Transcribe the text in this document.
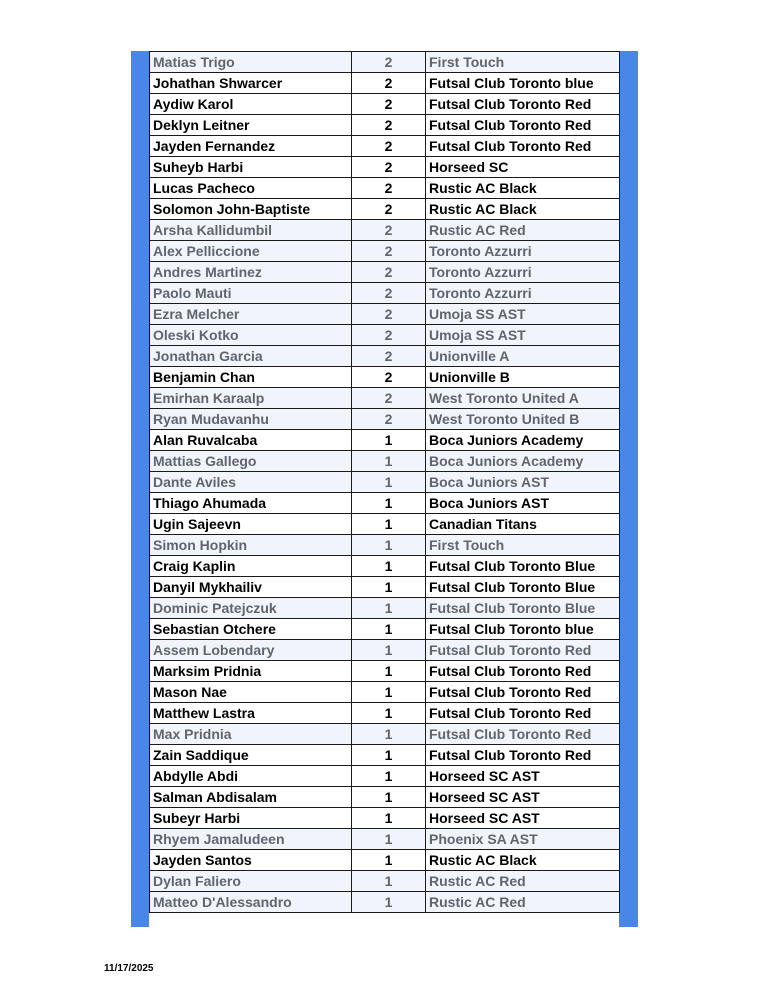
Matias Trigo	2	First Touch
Johathan Shwarcer	2	Futsal Club Toronto blue
Aydiw Karol	2	Futsal Club Toronto Red
Deklyn Leitner	2	Futsal Club Toronto Red
Jayden Fernandez	2	Futsal Club Toronto Red
Suheyb Harbi	2	Horseed SC
Lucas Pacheco	2	Rustic AC Black
Solomon John-Baptiste	2	Rustic AC Black
Arsha Kallidumbil	2	Rustic AC Red
Alex Pelliccione	2	Toronto Azzurri
Andres Martinez	2	Toronto Azzurri
Paolo Mauti	2	Toronto Azzurri
Ezra Melcher	2	Umoja SS AST
Oleski Kotko	2	Umoja SS AST
Jonathan Garcia	2	Unionville A
Benjamin Chan	2	Unionville B
Emirhan Karaalp	2	West Toronto United A
Ryan Mudavanhu	2	West Toronto United B
Alan Ruvalcaba	1	Boca Juniors Academy
Mattias Gallego	1	Boca Juniors Academy
Dante Aviles	1	Boca Juniors AST
Thiago Ahumada	1	Boca Juniors AST
Ugin Sajeevn	1	Canadian Titans
Simon Hopkin	1	First Touch
Craig Kaplin	1	Futsal Club Toronto Blue
Danyil Mykhailiv	1	Futsal Club Toronto Blue
Dominic Patejczuk	1	Futsal Club Toronto Blue
Sebastian Otchere	1	Futsal Club Toronto blue
Assem Lobendary	1	Futsal Club Toronto Red
Marksim Pridnia	1	Futsal Club Toronto Red
Mason Nae	1	Futsal Club Toronto Red
Matthew Lastra	1	Futsal Club Toronto Red
Max Pridnia	1	Futsal Club Toronto Red
Zain Saddique	1	Futsal Club Toronto Red
Abdylle Abdi	1	Horseed SC AST
Salman Abdisalam	1	Horseed SC AST
Subeyr Harbi	1	Horseed SC AST
Rhyem Jamaludeen	1	Phoenix SA AST
Jayden Santos	1	Rustic AC Black
Dylan Faliero	1	Rustic AC Red
Matteo D'Alessandro	1	Rustic AC Red
11/17/2025
